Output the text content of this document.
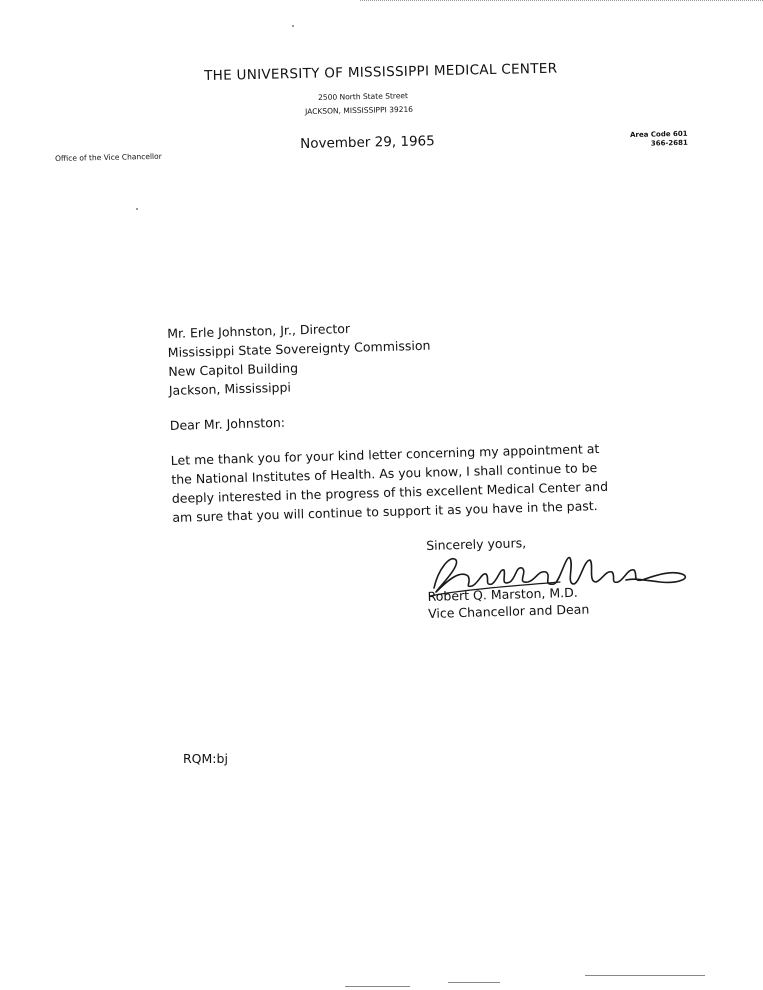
THE UNIVERSITY OF MISSISSIPPI MEDICAL CENTER
2500 North State Street
JACKSON, MISSISSIPPI 39216
Office of the Vice Chancellor
Area Code 601
366-2681
November 29, 1965
Mr. Erle Johnston, Jr., Director
Mississippi State Sovereignty Commission
New Capitol Building
Jackson, Mississippi
Dear Mr. Johnston:
Let me thank you for your kind letter concerning my appointment at the National Institutes of Health. As you know, I shall continue to be deeply interested in the progress of this excellent Medical Center and am sure that you will continue to support it as you have in the past.
Sincerely yours,
Robert Q. Marston, M.D.
Vice Chancellor and Dean
RQM:bj
